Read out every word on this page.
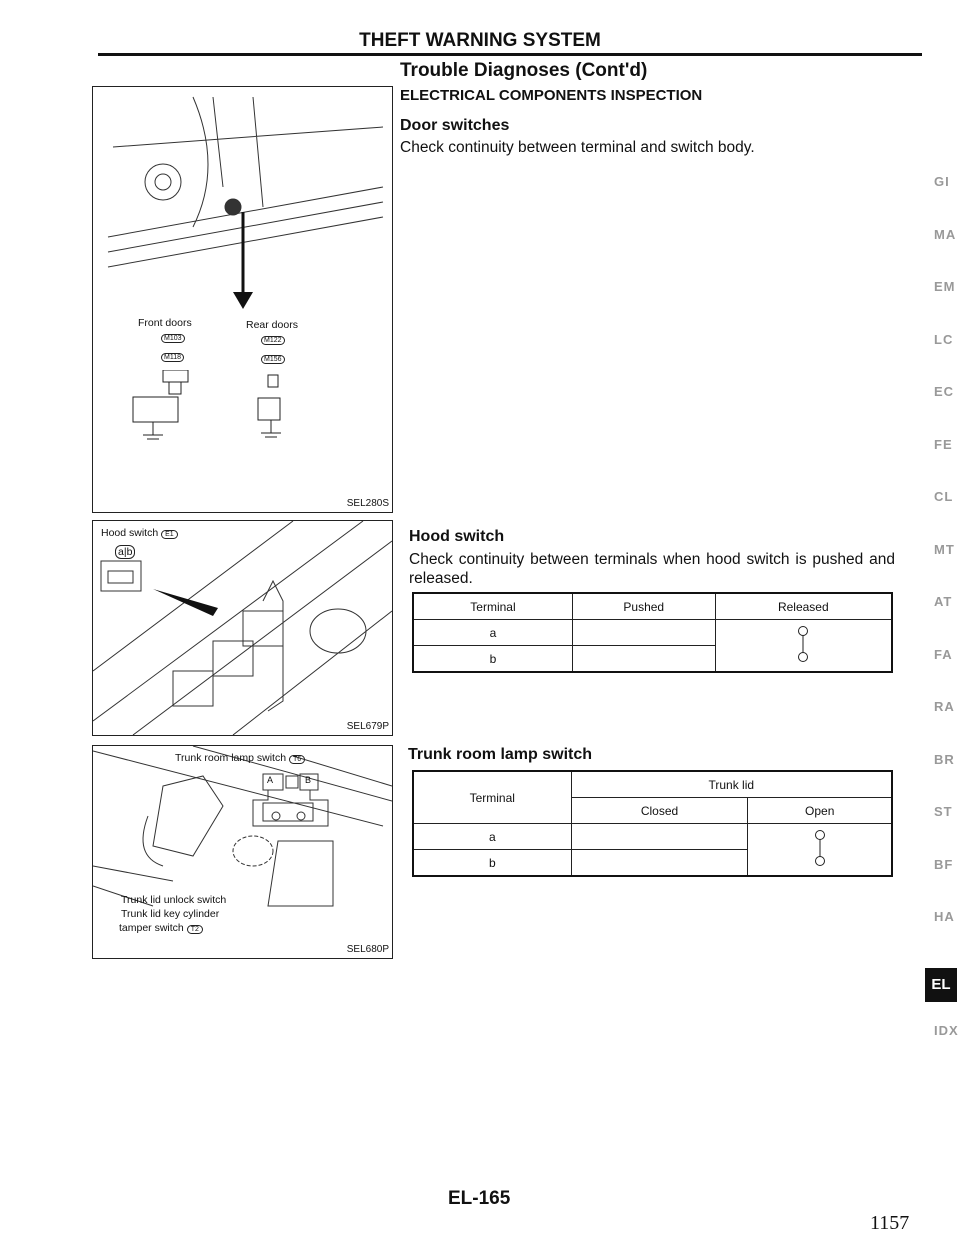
THEFT WARNING SYSTEM
Trouble Diagnoses (Cont'd)
ELECTRICAL COMPONENTS INSPECTION
Door switches
Check continuity between terminal and switch body.
Front doors	Rear doors
M103
M118
M122
M156
SEL280S
Hood switch E1
a|b
SEL679P
Trunk room lamp switch T6
A	B
Trunk lid unlock switch
Trunk lid key cylinder
tamper switch T2
SEL680P
Hood switch
Check continuity between terminals when hood switch is pushed and released.
Terminal	Pushed	Released
a		
b		
Trunk room lamp switch
Terminal	Trunk lid	
	Closed	Open
a		
b		
GI
MA
EM
LC
EC
FE
CL
MT
AT
FA
RA
BR
ST
BF
HA
EL
IDX
EL-165
1157
